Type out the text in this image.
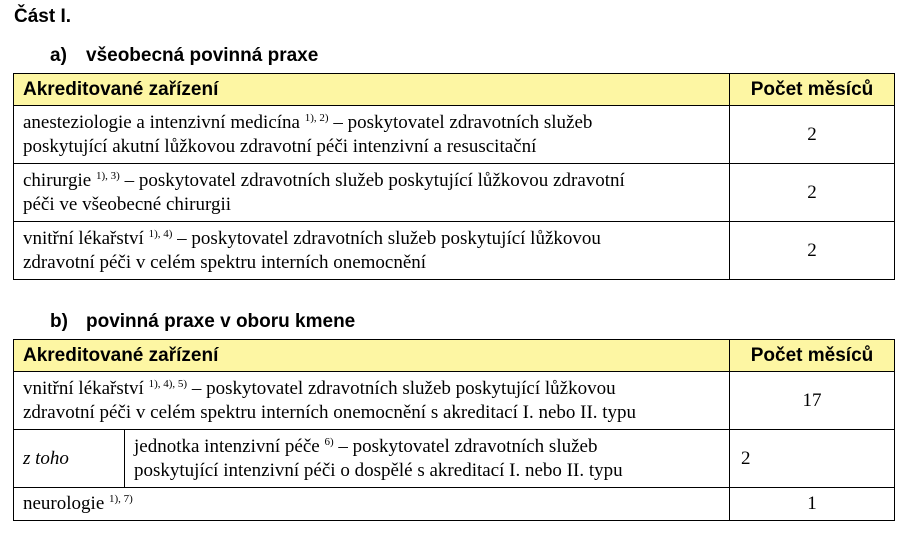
Část I.
a) všeobecná povinná praxe
Akreditované zařízení	Počet měsíců
anesteziologie a intenzivní medicína $^{1), 2)}$ – poskytovatel zdravotních služeb
poskytující akutní lůžkovou zdravotní péči intenzivní a resuscitační	2
chirurgie $^{1), 3)}$ – poskytovatel zdravotních služeb poskytující lůžkovou zdravotní
péči ve všeobecné chirurgii	2
vnitřní lékařství $^{1), 4)}$ – poskytovatel zdravotních služeb poskytující lůžkovou
zdravotní péči v celém spektru interních onemocnění	2
b) povinná praxe v oboru kmene
Akreditované zařízení		Počet měsíců
vnitřní lékařství $^{1), 4), 5)}$ – poskytovatel zdravotních služeb poskytující lůžkovou
zdravotní péči v celém spektru interních onemocnění s akreditací I. nebo II. typu		17
z toho	jednotka intenzivní péče $^{6)}$ – poskytovatel zdravotních služeb
poskytující intenzivní péči o dospělé s akreditací I. nebo II. typu	2
neurologie $^{1), 7)}$		1
